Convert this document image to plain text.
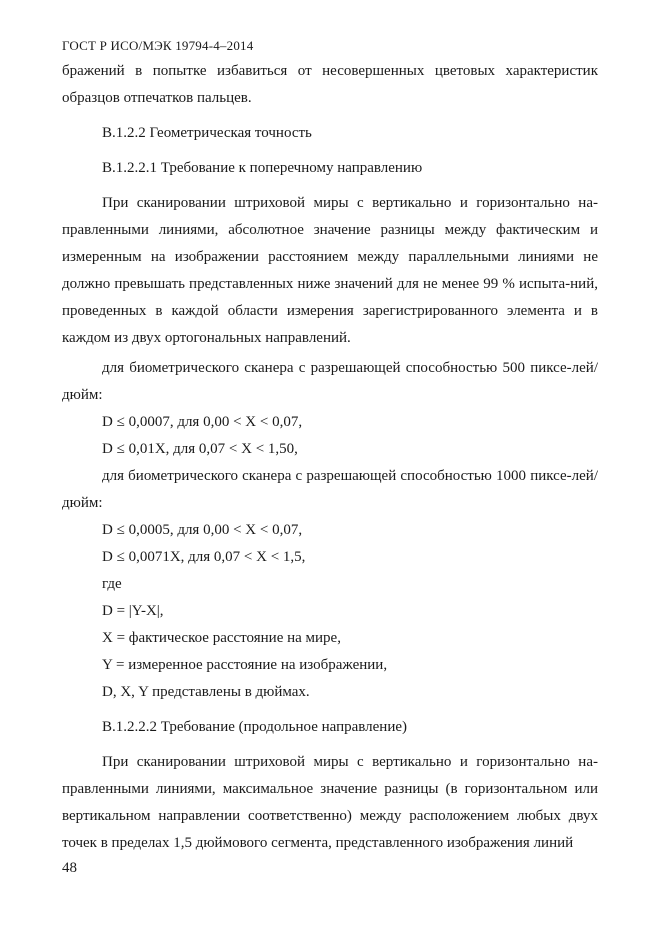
ГОСТ Р ИСО/МЭК 19794-4–2014

бражений в попытке избавиться от несовершенных цветовых характеристик образцов отпечатков пальцев.

В.1.2.2 Геометрическая точность

В.1.2.2.1 Требование к поперечному направлению

При сканировании штриховой миры с вертикально и горизонтально на-правленными линиями, абсолютное значение разницы между фактическим и измеренным на изображении расстоянием между параллельными линиями не должно превышать представленных ниже значений для не менее 99 % испыта-ний, проведенных в каждой области измерения зарегистрированного элемента и в каждом из двух ортогональных направлений.

для биометрического сканера с разрешающей способностью 500 пиксе-лей/дюйм:

D ≤ 0,0007, для 0,00 < X < 0,07,

D ≤ 0,01X, для 0,07 < X < 1,50,

для биометрического сканера с разрешающей способностью 1000 пиксе-лей/дюйм:

D ≤ 0,0005, для 0,00 < X < 0,07,

D ≤ 0,0071X, для 0,07 < X < 1,5,

где

D = |Y-X|,

X = фактическое расстояние на мире,

Y = измеренное расстояние на изображении,

D, X, Y представлены в дюймах.

В.1.2.2.2 Требование (продольное направление)

При сканировании штриховой миры с вертикально и горизонтально на-правленными линиями, максимальное значение разницы (в горизонтальном или вертикальном направлении соответственно) между расположением любых двух точек в пределах 1,5 дюймового сегмента, представленного изображения линий

48
